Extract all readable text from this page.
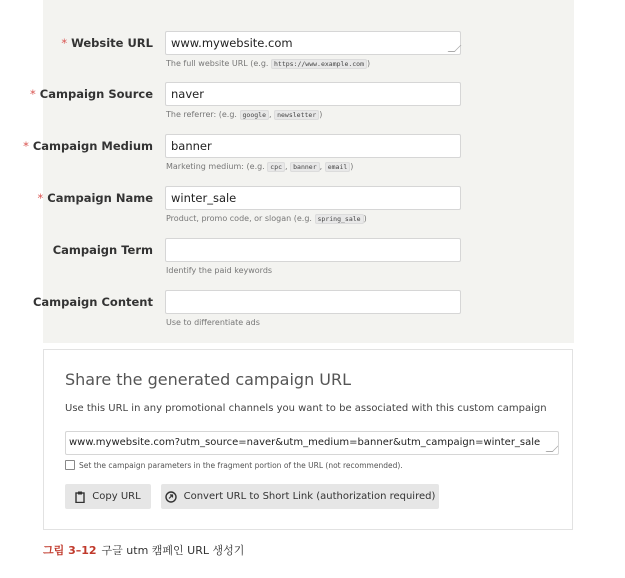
* Website URL	www.mywebsite.com
The full website URL (e.g. https://www.example.com )
* Campaign Source	naver
The referrer: (e.g. google , newsletter )
* Campaign Medium	banner
Marketing medium: (e.g. cpc , banner , email )
* Campaign Name	winter_sale
Product, promo code, or slogan (e.g. spring_sale )
Campaign Term
Identify the paid keywords
Campaign Content
Use to differentiate ads
Share the generated campaign URL
Use this URL in any promotional channels you want to be associated with this custom campaign
www.mywebsite.com?utm_source=naver&utm_medium=banner&utm_campaign=winter_sale
Set the campaign parameters in the fragment portion of the URL (not recommended).
Copy URL	Convert URL to Short Link (authorization required)
그림 3–12 구글 utm 캠페인 URL 생성기
